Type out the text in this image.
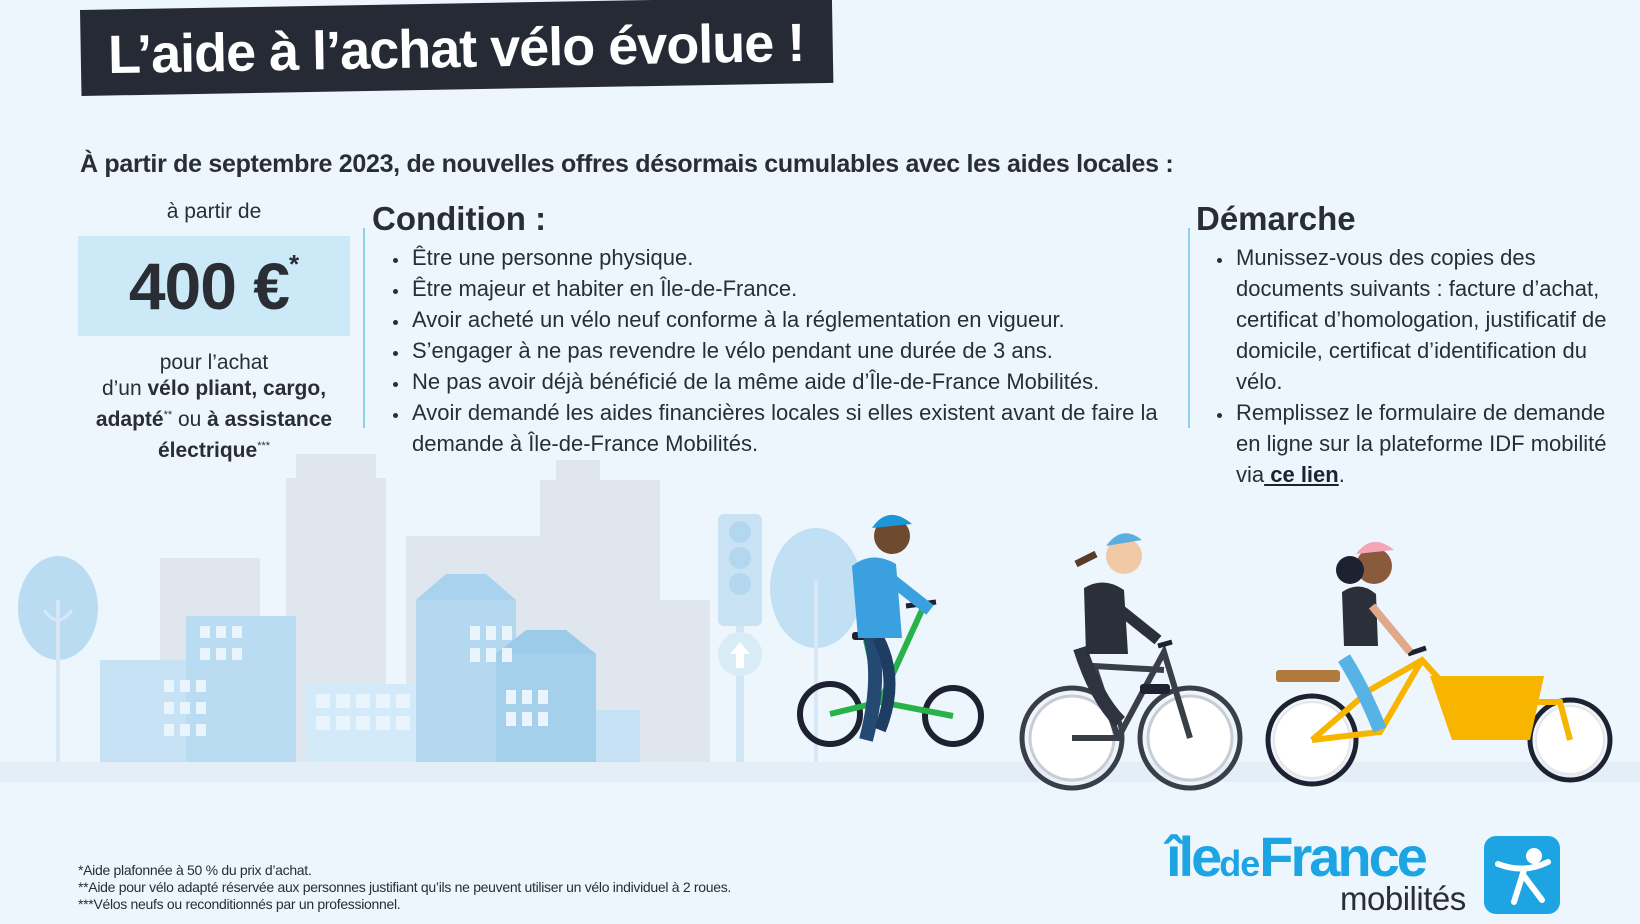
L’aide à l’achat vélo évolue !
À partir de septembre 2023, de nouvelles offres désormais cumulables avec les aides locales :
à partir de
400 € *
pour l’achat
d’un vélo pliant, cargo,
adapté** ou à assistance
électrique***
Condition :
• Être une personne physique.
• Être majeur et habiter en Île-de-France.
• Avoir acheté un vélo neuf conforme à la réglementation en vigueur.
• S’engager à ne pas revendre le vélo pendant une durée de 3 ans.
• Ne pas avoir déjà bénéficié de la même aide d’Île-de-France Mobilités.
• Avoir demandé les aides financières locales si elles existent avant de faire la demande à Île-de-France Mobilités.
Démarche
• Munissez-vous des copies des documents suivants : facture d’achat, certificat d’homologation, justificatif de domicile, certificat d’identification du vélo.
• Remplissez le formulaire de demande en ligne sur la plateforme IDF mobilité via ce lien.
*Aide plafonnée à 50 % du prix d’achat.
**Aide pour vélo adapté réservée aux personnes justifiant qu’ils ne peuvent utiliser un vélo individuel à 2 roues.
***Vélos neufs ou reconditionnés par un professionnel.
îledeFrance
mobilités
